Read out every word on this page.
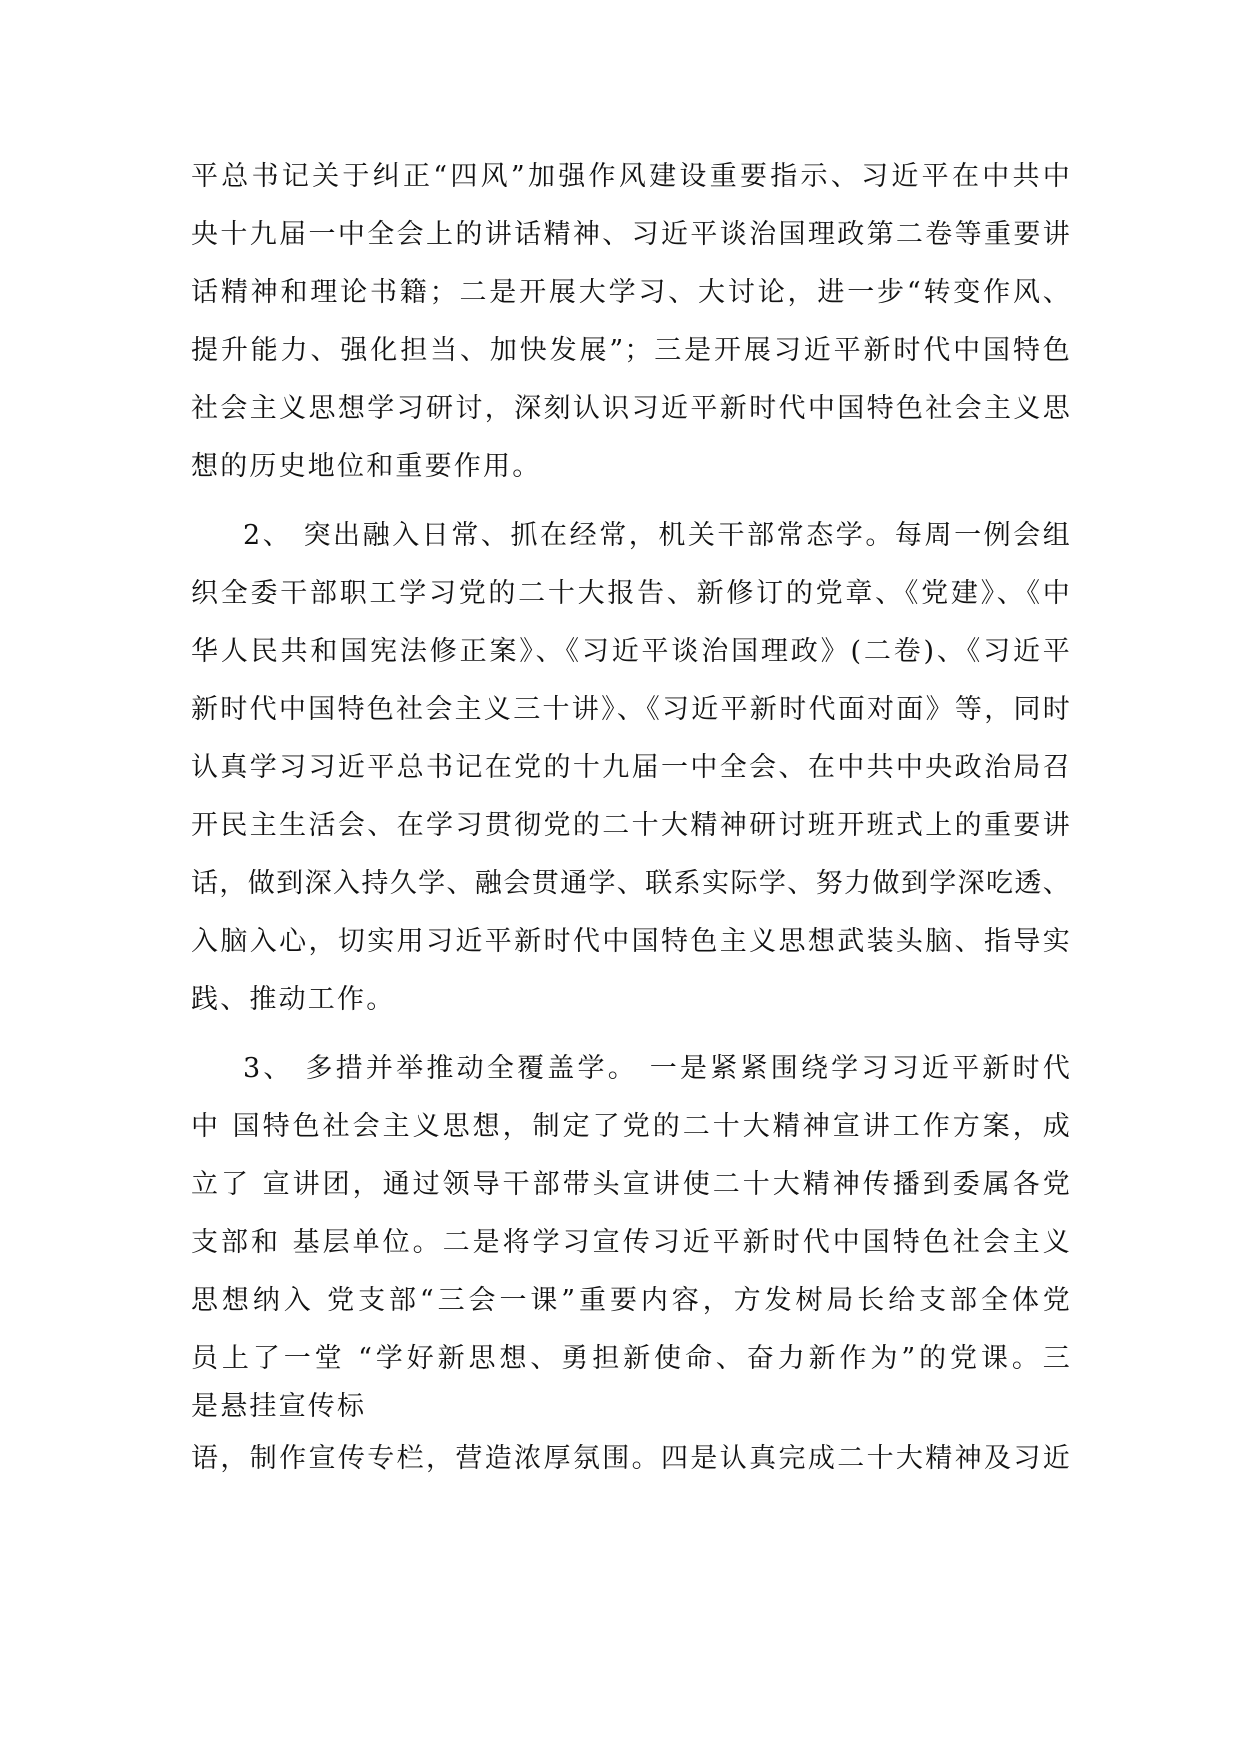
平总书记关于纠正“四风”加强作风建设重要指示、习近平在中共中
央十九届一中全会上的讲话精神、习近平谈治国理政第二卷等重要讲
话精神和理论书籍；二是开展大学习、大讨论，进一步“转变作风、
提升能力、强化担当、加快发展”；三是开展习近平新时代中国特色
社会主义思想学习研讨，深刻认识习近平新时代中国特色社会主义思
想的历史地位和重要作用。
2、 突出融入日常、抓在经常，机关干部常态学。每周一例会组
织全委干部职工学习党的二十大报告、新修订的党章、《党建》、《中
华人民共和国宪法修正案》、《习近平谈治国理政》(二卷)、《习近平
新时代中国特色社会主义三十讲》、《习近平新时代面对面》等，同时
认真学习习近平总书记在党的十九届一中全会、在中共中央政治局召
开民主生活会、在学习贯彻党的二十大精神研讨班开班式上的重要讲
话，做到深入持久学、融会贯通学、联系实际学、努力做到学深吃透、
入脑入心，切实用习近平新时代中国特色主义思想武装头脑、指导实
践、推动工作。
3、 多措并举推动全覆盖学。 一是紧紧围绕学习习近平新时代
中 国特色社会主义思想，制定了党的二十大精神宣讲工作方案，成
立了 宣讲团，通过领导干部带头宣讲使二十大精神传播到委属各党
支部和 基层单位。二是将学习宣传习近平新时代中国特色社会主义
思想纳入 党支部“三会一课”重要内容，方发树局长给支部全体党
员上了一堂 “学好新思想、勇担新使命、奋力新作为”的党课。三
是悬挂宣传标
语，制作宣传专栏，营造浓厚氛围。四是认真完成二十大精神及习近
